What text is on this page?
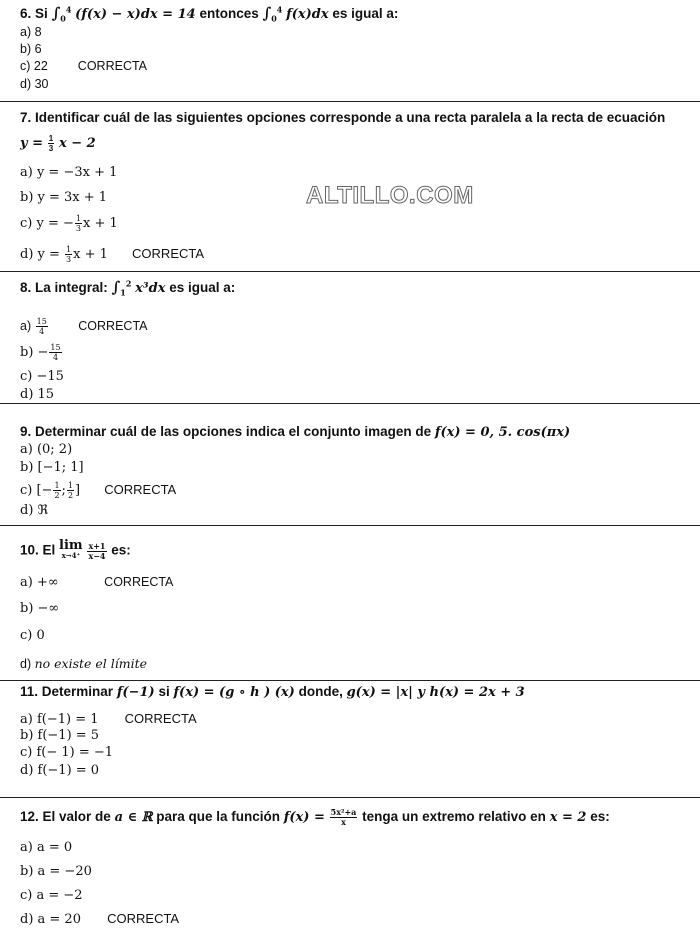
6. Si $\int_0^4$ (f(x) − x)dx = 14 entonces $\int_0^4$ f(x)dx es igual a:
a) 8
b) 6
c) 22 CORRECTA
d) 30
7. Identificar cuál de las siguientes opciones corresponde a una recta paralela a la recta de ecuación
$y = \frac{1}{3}$ x − 2
a) y = −3x + 1
b) y = 3x + 1
c) y = − $\frac{1}{3}$ x + 1
d) $y = \frac{1}{3}$ x + 1 CORRECTA
ALTILLO.COM
8. La integral: $\int_1^2$ x³dx es igual a:
$a) \frac{15}{4}$ CORRECTA
$b) - \frac{15}{4}$
c) −15
d) 15
9. Determinar cuál de las opciones indica el conjunto imagen de f(x) = 0, 5. cos(πx)
a) (0; 2)
b) [−1; 1]
c) [− $\frac{1}{2}$ ; $\frac{1}{2}$ ] CORRECTA
d) ℜ
10. El lim
x→4⁺
$\frac{x+1}{x-4}$ es:
a) +∞	CORRECTA
b) −∞
c) 0
d) no existe el límite
11. Determinar f(−1) si f(x) = (g ∘ h ) (x) donde, g(x) = |x| y h(x) = 2x + 3
a) f(−1) = 1 CORRECTA
b) f(−1) = 5
c) f(− 1) = −1
d) f(−1) = 0
12. El valor de a ∈ ℝ para que la función $f(x) = \frac{\text{5x²+a}}{x}$ tenga un extremo relativo en x = 2 es:
a) a = 0
b) a = −20
c) a = −2
d) a = 20 CORRECTA
